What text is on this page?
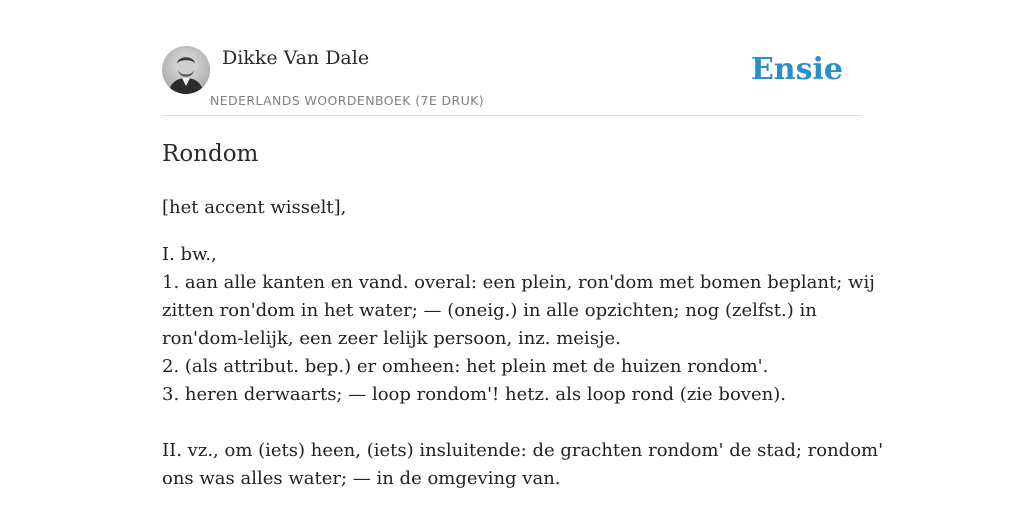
Dikke Van Dale
NEDERLANDS WOORDENBOEK (7E DRUK)
Ensie
Rondom

[het accent wisselt],

I. bw.,
1. aan alle kanten en vand. overal: een plein, ron'dom met bomen beplant; wij
zitten ron'dom in het water; — (oneig.) in alle opzichten; nog (zelfst.) in
ron'dom-lelijk, een zeer lelijk persoon, inz. meisje.
2. (als attribut. bep.) er omheen: het plein met de huizen rondom'.
3. heren derwaarts; — loop rondom'! hetz. als loop rond (zie boven).
II. vz., om (iets) heen, (iets) insluitende: de grachten rondom' de stad; rondom'
ons was alles water; — in de omgeving van.
